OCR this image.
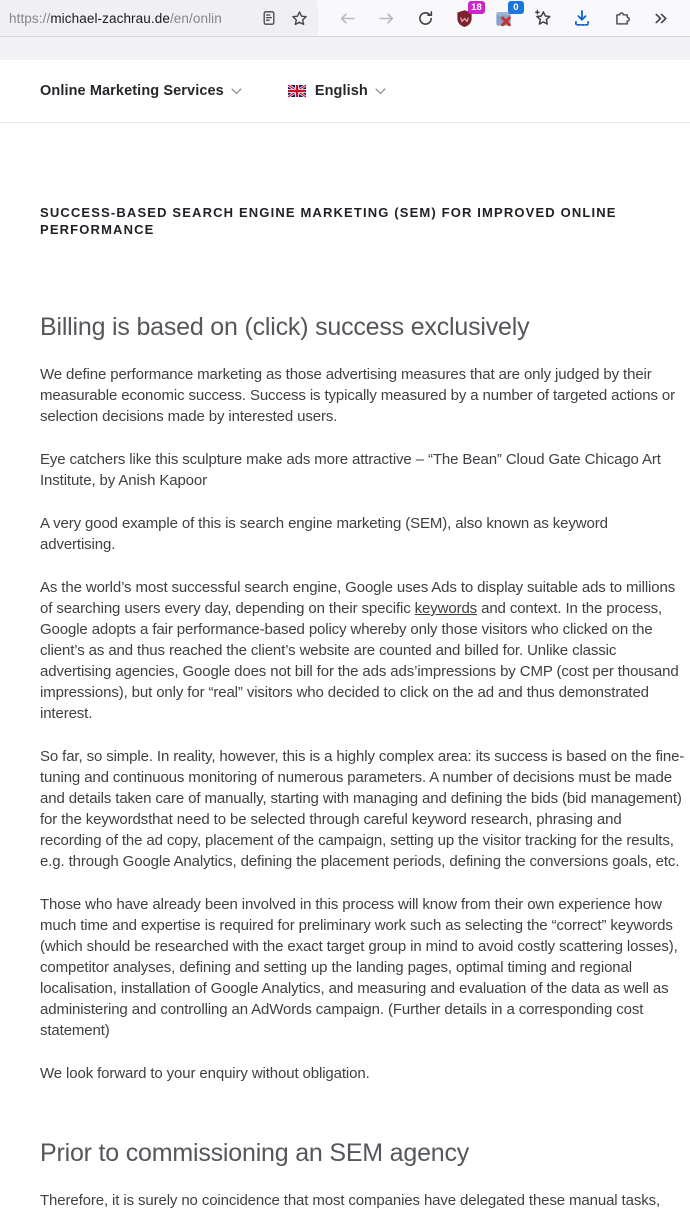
https://michael-zachrau.de/en/onlin
18	0
Online Marketing Services	English
SUCCESS-BASED SEARCH ENGINE MARKETING (SEM) FOR IMPROVED ONLINE PERFORMANCE
Billing is based on (click) success exclusively

We define performance marketing as those advertising measures that are only judged by their measurable economic success. Success is typically measured by a number of targeted actions or selection decisions made by interested users.

Eye catchers like this sculpture make ads more attractive – “The Bean” Cloud Gate Chicago Art Institute, by Anish Kapoor

A very good example of this is search engine marketing (SEM), also known as keyword advertising.

As the world’s most successful search engine, Google uses Ads to display suitable ads to millions of searching users every day, depending on their specific keywords and context. In the process, Google adopts a fair performance-based policy whereby only those visitors who clicked on the client’s as and thus reached the client’s website are counted and billed for. Unlike classic advertising agencies, Google does not bill for the ads ads’impressions by CMP (cost per thousand impressions), but only for “real” visitors who decided to click on the ad and thus demonstrated interest.

So far, so simple. In reality, however, this is a highly complex area: its success is based on the fine-tuning and continuous monitoring of numerous parameters. A number of decisions must be made and details taken care of manually, starting with managing and defining the bids (bid management) for the keywordsthat need to be selected through careful keyword research, phrasing and recording of the ad copy, placement of the campaign, setting up the visitor tracking for the results, e.g. through Google Analytics, defining the placement periods, defining the conversions goals, etc.

Those who have already been involved in this process will know from their own experience how much time and expertise is required for preliminary work such as selecting the “correct” keywords (which should be researched with the exact target group in mind to avoid costly scattering losses), competitor analyses, defining and setting up the landing pages, optimal timing and regional localisation, installation of Google Analytics, and measuring and evaluation of the data as well as administering and controlling an AdWords campaign. (Further details in a corresponding cost statement)

We look forward to your enquiry without obligation.

Prior to commissioning an SEM agency

Therefore, it is surely no coincidence that most companies have delegated these manual tasks,
